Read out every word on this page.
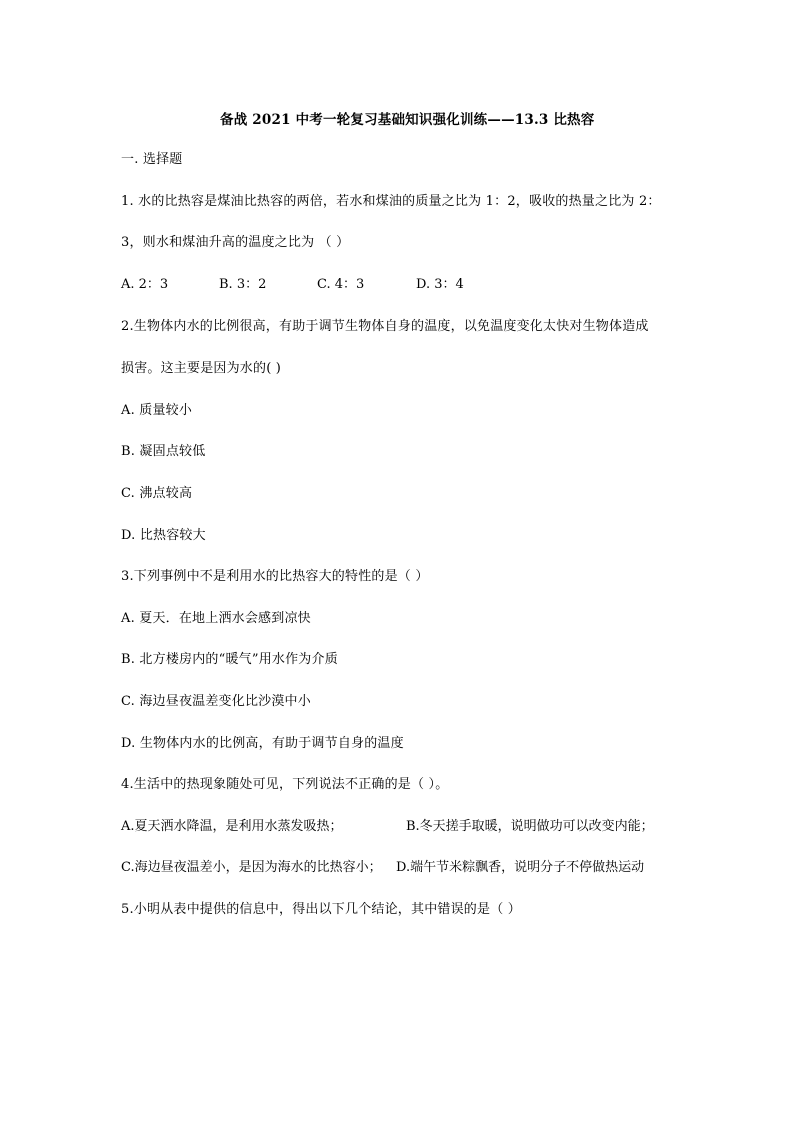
备战 2021 中考一轮复习基础知识强化训练——13.3 比热容
一. 选择题
1. 水的比热容是煤油比热容的两倍，若水和煤油的质量之比为 1：2，吸收的热量之比为 2：
3，则水和煤油升高的温度之比为 （ ）
A. 2：3	B. 3：2	C. 4：3	D. 3：4
2.生物体内水的比例很高，有助于调节生物体自身的温度，以免温度变化太快对生物体造成
损害。这主要是因为水的( )
A. 质量较小
B. 凝固点较低
C. 沸点较高
D. 比热容较大
3.下列事例中不是利用水的比热容大的特性的是（ ）
A. 夏天．在地上洒水会感到凉快
B. 北方楼房内的“暖气”用水作为介质
C. 海边昼夜温差变化比沙漠中小
D. 生物体内水的比例高，有助于调节自身的温度
4.生活中的热现象随处可见，下列说法不正确的是（ ）。
A.夏天洒水降温，是利用水蒸发吸热；	B.冬天搓手取暖，说明做功可以改变内能；
C.海边昼夜温差小，是因为海水的比热容小； D.端午节米粽飘香，说明分子不停做热运动
5.小明从表中提供的信息中，得出以下几个结论，其中错误的是（ ）
